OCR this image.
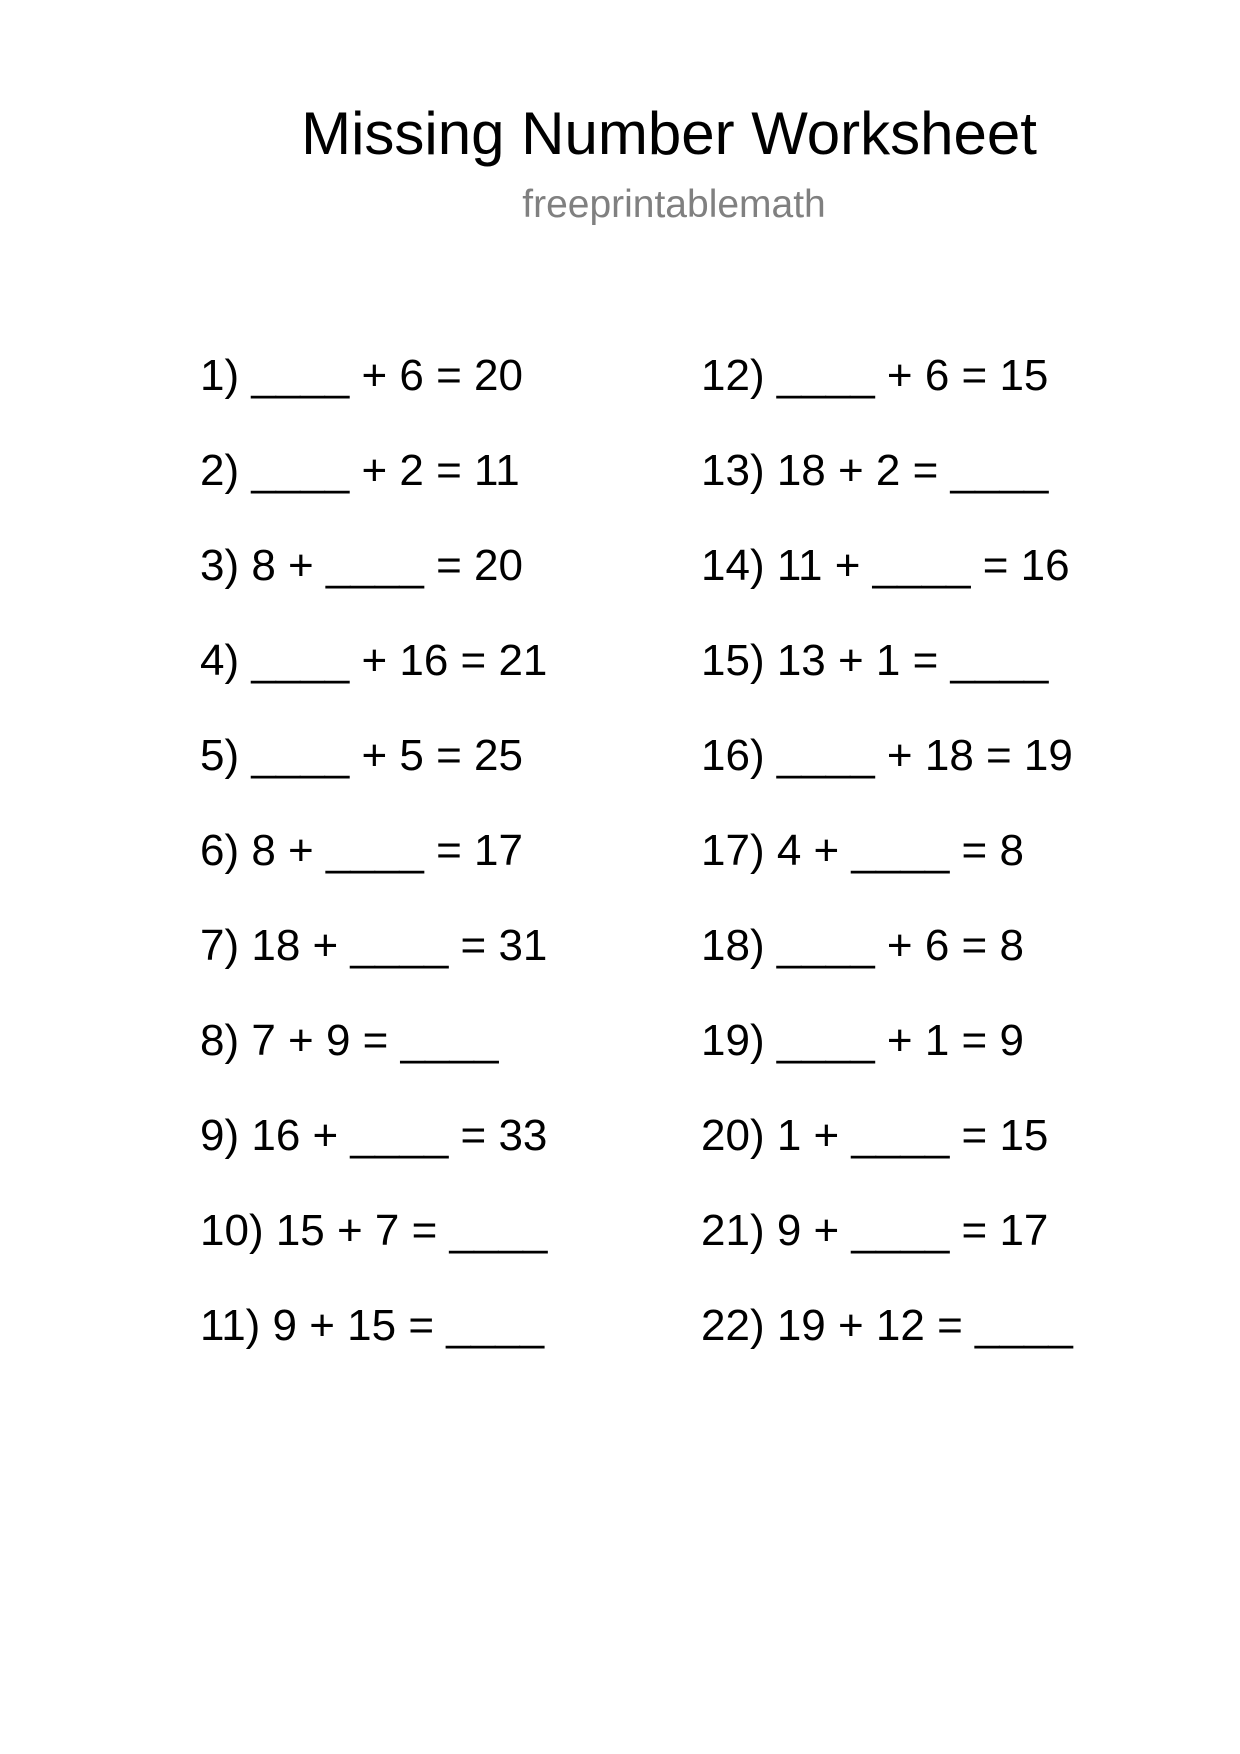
Missing Number Worksheet
freeprintablemath
1) ____ + 6 = 20
2) ____ + 2 = 11
3) 8 + ____ = 20
4) ____ + 16 = 21
5) ____ + 5 = 25
6) 8 + ____ = 17
7) 18 + ____ = 31
8) 7 + 9 = ____
9) 16 + ____ = 33
10) 15 + 7 = ____
11) 9 + 15 = ____
12) ____ + 6 = 15
13) 18 + 2 = ____
14) 11 + ____ = 16
15) 13 + 1 = ____
16) ____ + 18 = 19
17) 4 + ____ = 8
18) ____ + 6 = 8
19) ____ + 1 = 9
20) 1 + ____ = 15
21) 9 + ____ = 17
22) 19 + 12 = ____
